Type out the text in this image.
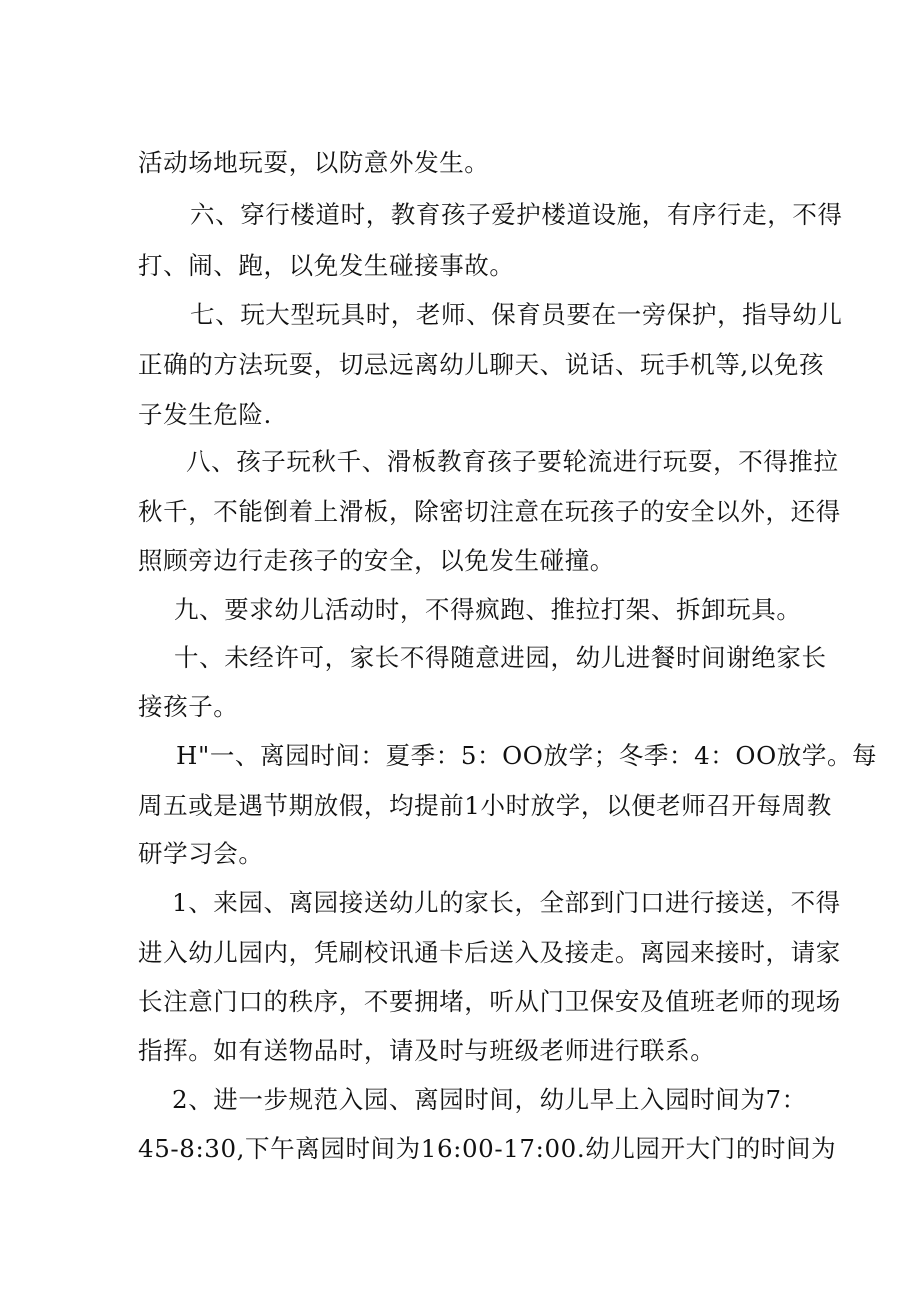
活动场地玩耍，以防意外发生。
六、穿行楼道时，教育孩子爱护楼道设施，有序行走，不得
打、闹、跑，以免发生碰接事故。
七、玩大型玩具时，老师、保育员要在一旁保护，指导幼儿
正确的方法玩耍，切忌远离幼儿聊天、说话、玩手机等,以免孩
子发生危险.
八、孩子玩秋千、滑板教育孩子要轮流进行玩耍，不得推拉
秋千，不能倒着上滑板，除密切注意在玩孩子的安全以外，还得
照顾旁边行走孩子的安全，以免发生碰撞。
九、要求幼儿活动时，不得疯跑、推拉打架、拆卸玩具。
十、未经许可，家长不得随意进园，幼儿进餐时间谢绝家长
接孩子。
H"一、离园时间：夏季：5：OO放学；冬季：4：OO放学。每
周五或是遇节期放假，均提前1小时放学，以便老师召开每周教
研学习会。
1、来园、离园接送幼儿的家长，全部到门口进行接送，不得
进入幼儿园内，凭刷校讯通卡后送入及接走。离园来接时，请家
长注意门口的秩序，不要拥堵，听从门卫保安及值班老师的现场
指挥。如有送物品时，请及时与班级老师进行联系。
2、进一步规范入园、离园时间，幼儿早上入园时间为7：
45-8:30,下午离园时间为16:00-17:00.幼儿园开大门的时间为
